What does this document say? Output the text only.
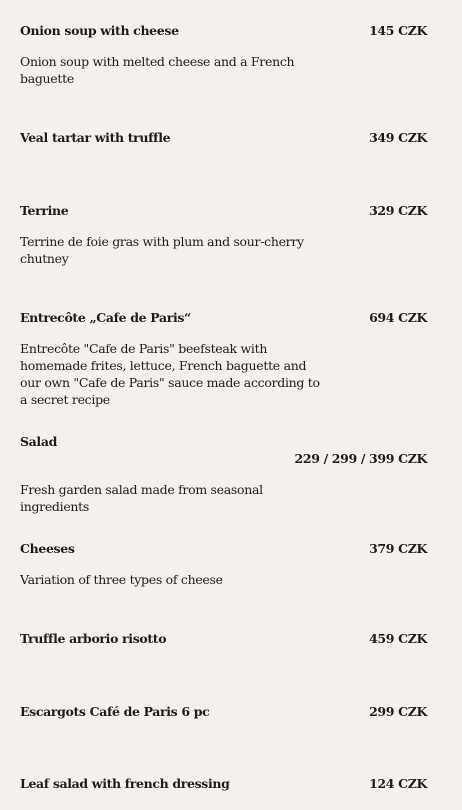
Onion soup with cheese	145 CZK
Onion soup with melted cheese and a French baguette
Veal tartar with truffle	349 CZK
Terrine	329 CZK
Terrine de foie gras with plum and sour-cherry chutney
Entrecôte „Cafe de Paris“	694 CZK
Entrecôte "Cafe de Paris" beefsteak with homemade frites, lettuce, French baguette and our own "Cafe de Paris" sauce made according to a secret recipe
Salad
229 / 299 / 399 CZK
Fresh garden salad made from seasonal ingredients
Cheeses	379 CZK
Variation of three types of cheese
Truffle arborio risotto	459 CZK
Escargots Café de Paris 6 pc	299 CZK
Leaf salad with french dressing	124 CZK
